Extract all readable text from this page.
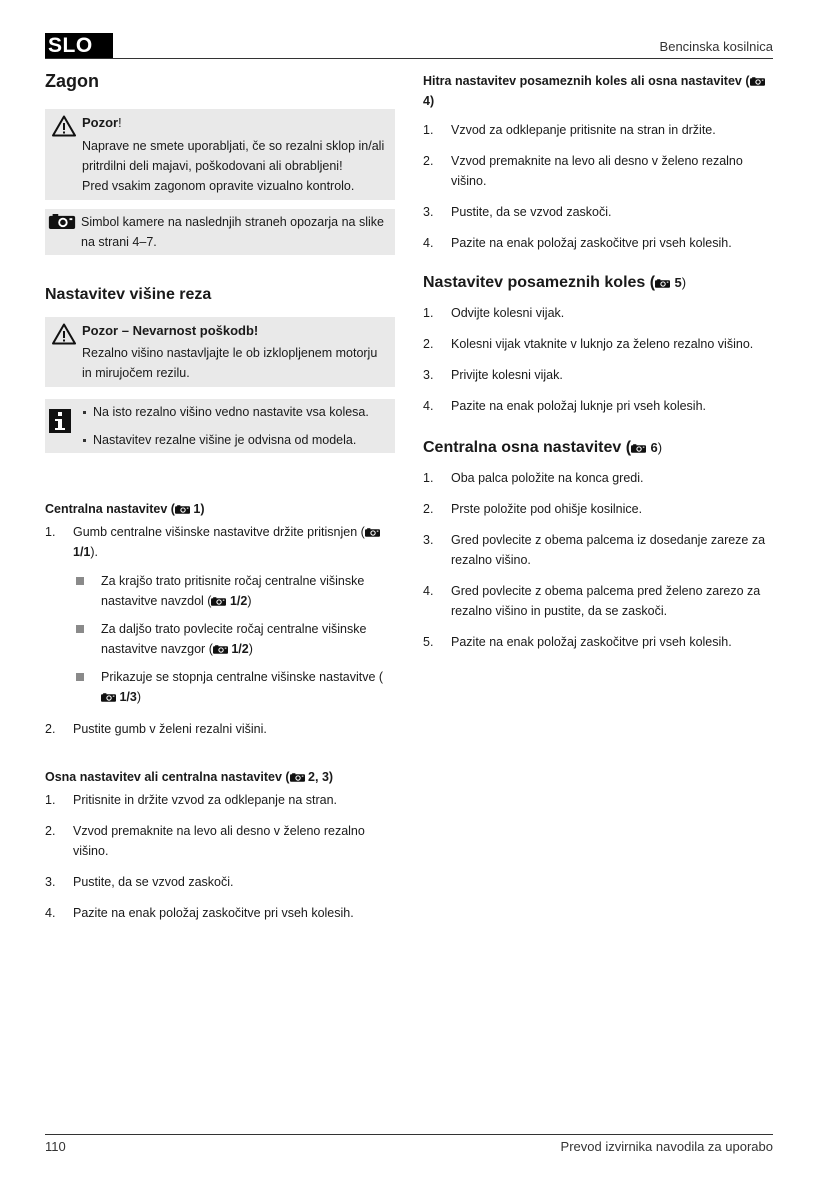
SLO	Bencinska kosilnica
Zagon
Pozor!
Naprave ne smete uporabljati, če so rezalni sklop in/ali pritrdilni deli majavi, poškodovani ali obrabljeni!
Pred vsakim zagonom opravite vizualno kontrolo.
Simbol kamere na naslednjih straneh opozarja na slike na strani 4–7.
Nastavitev višine reza
Pozor – Nevarnost poškodb!
Rezalno višino nastavljajte le ob izklopljenem motorju in mirujočem rezilu.
Na isto rezalno višino vedno nastavite vsa kolesa.
Nastavitev rezalne višine je odvisna od modela.
Centralna nastavitev ( 1)
1. Gumb centralne višinske nastavitve držite pritisnjen ( 1/1).
Za krajšo trato pritisnite ročaj centralne višinske nastavitve navzdol ( 1/2)
Za daljšo trato povlecite ročaj centralne višinske nastavitve navzgor ( 1/2)
Prikazuje se stopnja centralne višinske nastavitve ( 1/3)
2. Pustite gumb v želeni rezalni višini.
Osna nastavitev ali centralna nastavitev ( 2, 3)
1. Pritisnite in držite vzvod za odklepanje na stran.
2. Vzvod premaknite na levo ali desno v želeno rezalno višino.
3. Pustite, da se vzvod zaskoči.
4. Pazite na enak položaj zaskočitve pri vseh kolesih.
Hitra nastavitev posameznih koles ali osna nastavitev ( 4)
1. Vzvod za odklepanje pritisnite na stran in držite.
2. Vzvod premaknite na levo ali desno v želeno rezalno višino.
3. Pustite, da se vzvod zaskoči.
4. Pazite na enak položaj zaskočitve pri vseh kolesih.
Nastavitev posameznih koles ( 5)
1. Odvijte kolesni vijak.
2. Kolesni vijak vtaknite v luknjo za želeno rezalno višino.
3. Privijte kolesni vijak.
4. Pazite na enak položaj luknje pri vseh kolesih.
Centralna osna nastavitev ( 6)
1. Oba palca položite na konca gredi.
2. Prste položite pod ohišje kosilnice.
3. Gred povlecite z obema palcema iz dosedanje zareze za rezalno višino.
4. Gred povlecite z obema palcema pred želeno zarezo za rezalno višino in pustite, da se zaskoči.
5. Pazite na enak položaj zaskočitve pri vseh kolesih.
110	Prevod izvirnika navodila za uporabo
